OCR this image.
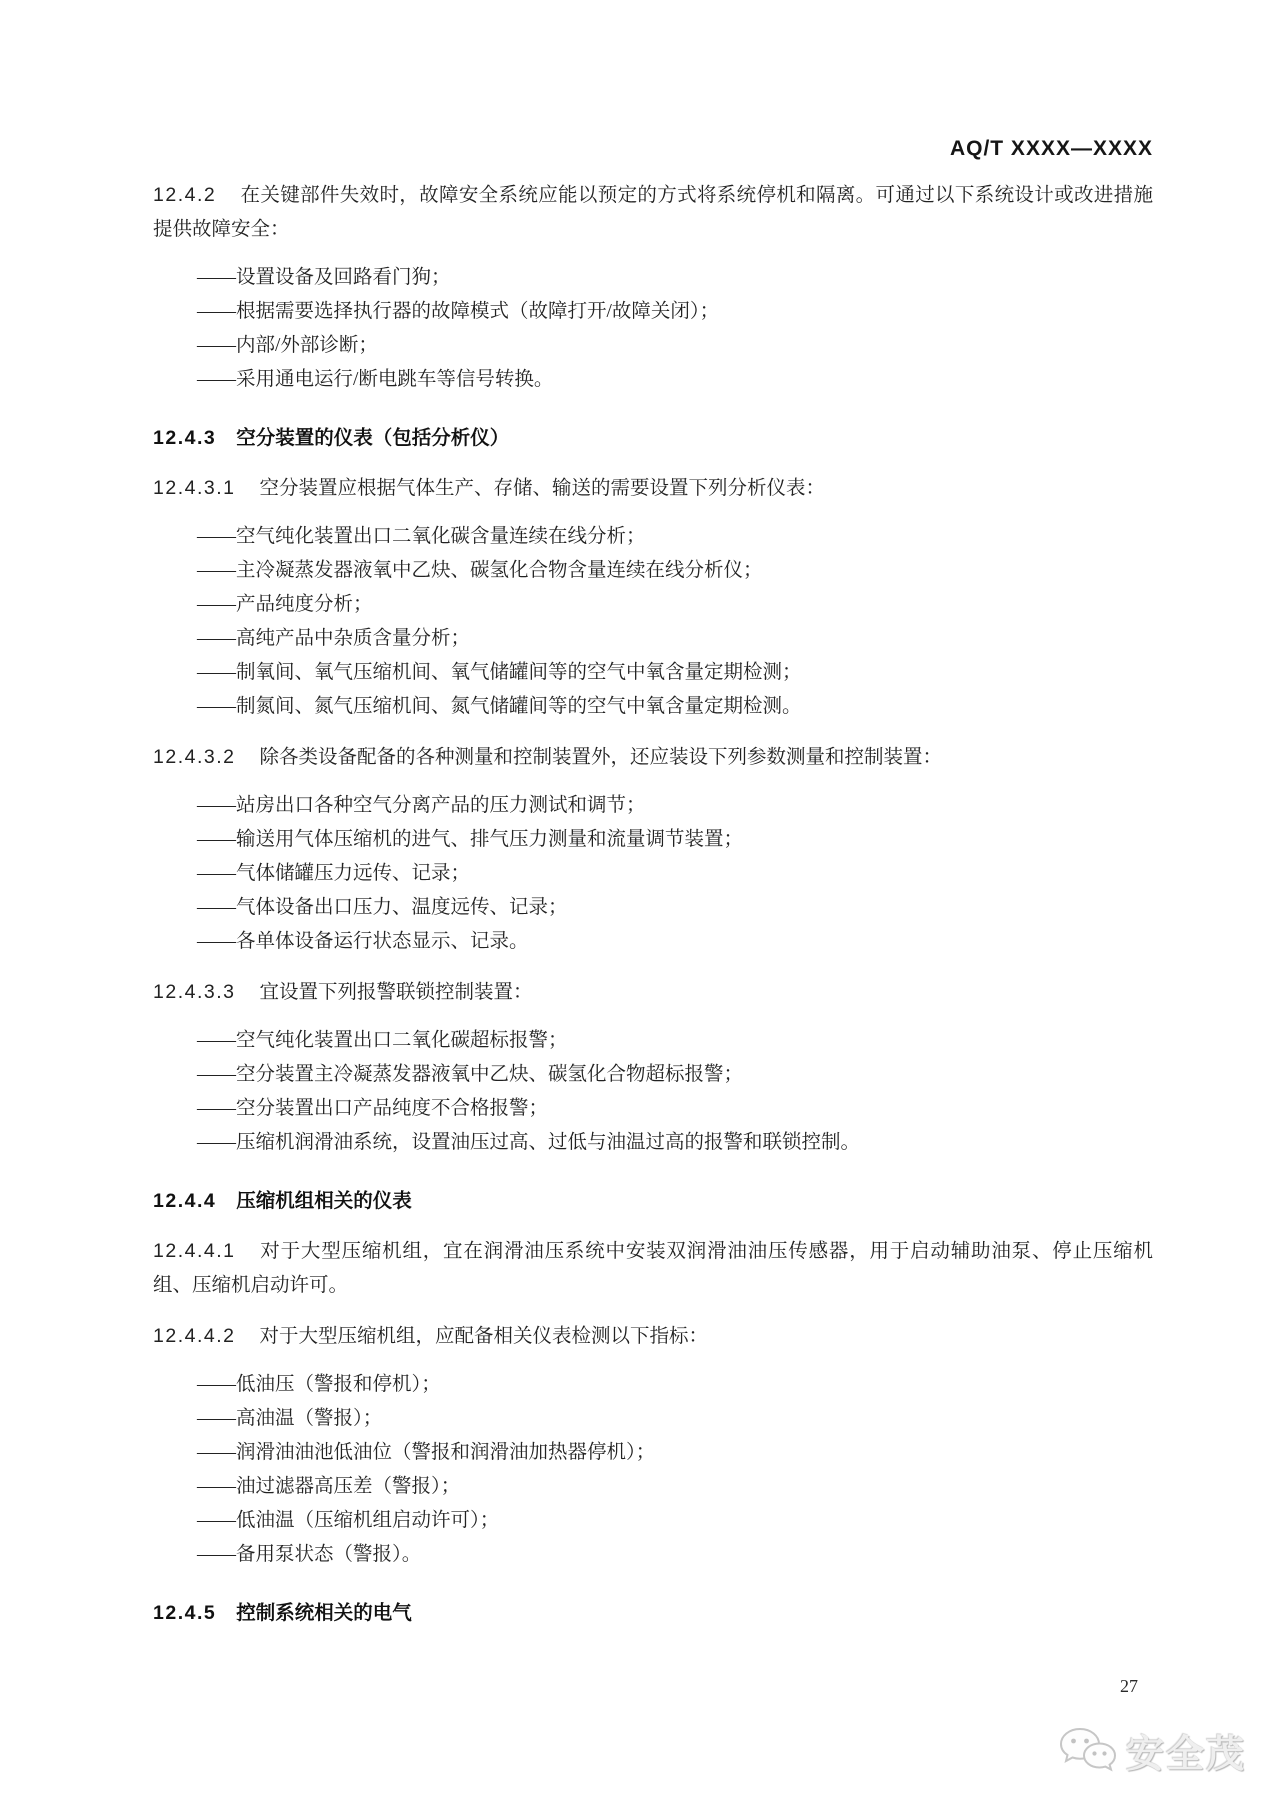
AQ/T XXXX—XXXX
12.4.2 在关键部件失效时，故障安全系统应能以预定的方式将系统停机和隔离。可通过以下系统设计或改进措施提供故障安全：
——设置设备及回路看门狗；
——根据需要选择执行器的故障模式（故障打开/故障关闭）；
——内部/外部诊断；
——采用通电运行/断电跳车等信号转换。
12.4.3 空分装置的仪表（包括分析仪）
12.4.3.1 空分装置应根据气体生产、存储、输送的需要设置下列分析仪表：
——空气纯化装置出口二氧化碳含量连续在线分析；
——主冷凝蒸发器液氧中乙炔、碳氢化合物含量连续在线分析仪；
——产品纯度分析；
——高纯产品中杂质含量分析；
——制氧间、氧气压缩机间、氧气储罐间等的空气中氧含量定期检测；
——制氮间、氮气压缩机间、氮气储罐间等的空气中氧含量定期检测。
12.4.3.2 除各类设备配备的各种测量和控制装置外，还应装设下列参数测量和控制装置：
——站房出口各种空气分离产品的压力测试和调节；
——输送用气体压缩机的进气、排气压力测量和流量调节装置；
——气体储罐压力远传、记录；
——气体设备出口压力、温度远传、记录；
——各单体设备运行状态显示、记录。
12.4.3.3 宜设置下列报警联锁控制装置：
——空气纯化装置出口二氧化碳超标报警；
——空分装置主冷凝蒸发器液氧中乙炔、碳氢化合物超标报警；
——空分装置出口产品纯度不合格报警；
——压缩机润滑油系统，设置油压过高、过低与油温过高的报警和联锁控制。
12.4.4 压缩机组相关的仪表
12.4.4.1 对于大型压缩机组，宜在润滑油压系统中安装双润滑油油压传感器，用于启动辅助油泵、停止压缩机组、压缩机启动许可。
12.4.4.2 对于大型压缩机组，应配备相关仪表检测以下指标：
——低油压（警报和停机）；
——高油温（警报）；
——润滑油油池低油位（警报和润滑油加热器停机）；
——油过滤器高压差（警报）；
——低油温（压缩机组启动许可）；
——备用泵状态（警报）。
12.4.5 控制系统相关的电气
27
安全茂
